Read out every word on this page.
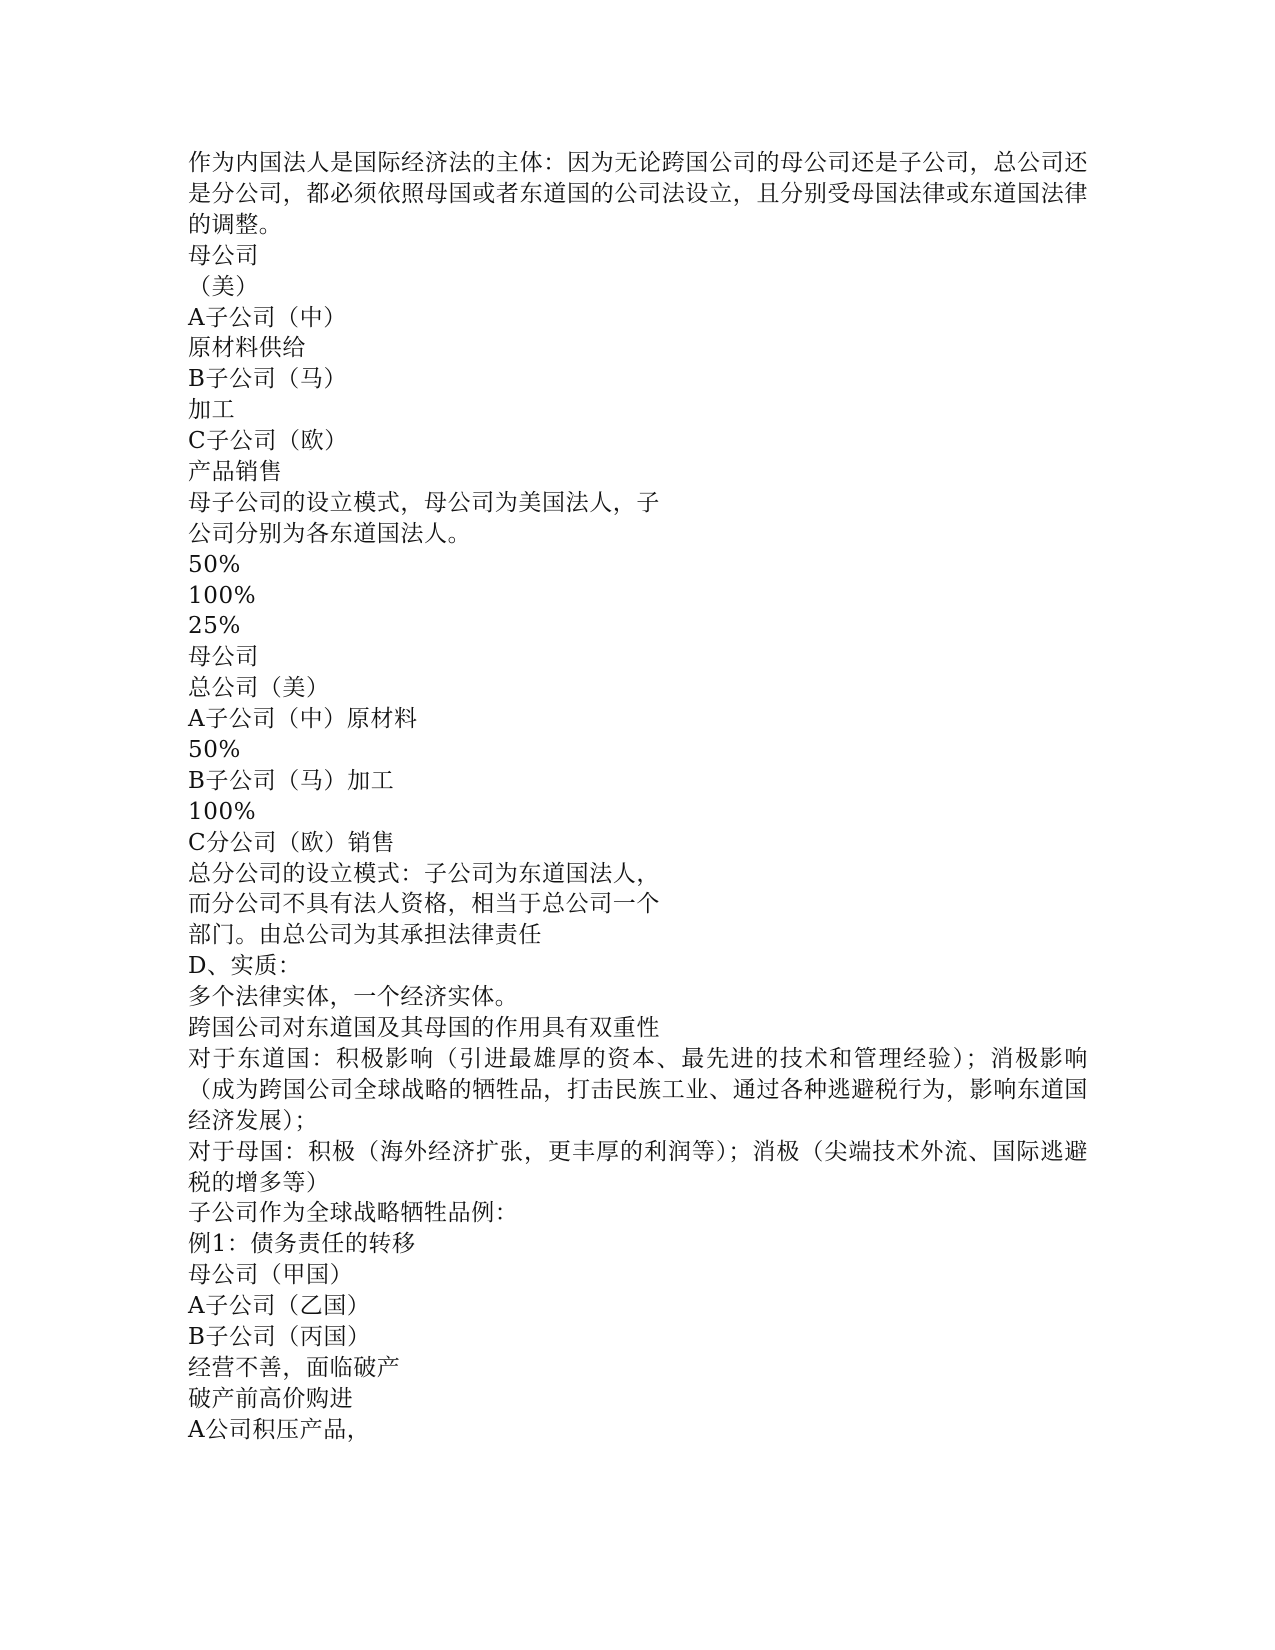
作为内国法人是国际经济法的主体：因为无论跨国公司的母公司还是子公司，总公司还是分公司，都必须依照母国或者东道国的公司法设立，且分别受母国法律或东道国法律的调整。
母公司
（美）
A子公司（中）
原材料供给
B子公司（马）
加工
C子公司（欧）
产品销售
母子公司的设立模式，母公司为美国法人，子
公司分别为各东道国法人。
50%
100%
25%
母公司
总公司（美）
A子公司（中）原材料
50%
B子公司（马）加工
100%
C分公司（欧）销售
总分公司的设立模式：子公司为东道国法人，
而分公司不具有法人资格，相当于总公司一个
部门。由总公司为其承担法律责任
D、实质：
多个法律实体，一个经济实体。
跨国公司对东道国及其母国的作用具有双重性
对于东道国：积极影响（引进最雄厚的资本、最先进的技术和管理经验）；消极影响（成为跨国公司全球战略的牺牲品，打击民族工业、通过各种逃避税行为，影响东道国经济发展）；
对于母国：积极（海外经济扩张，更丰厚的利润等）；消极（尖端技术外流、国际逃避税的增多等）
子公司作为全球战略牺牲品例：
例1：债务责任的转移
母公司（甲国）
A子公司（乙国）
B子公司（丙国）
经营不善，面临破产
破产前高价购进
A公司积压产品，
